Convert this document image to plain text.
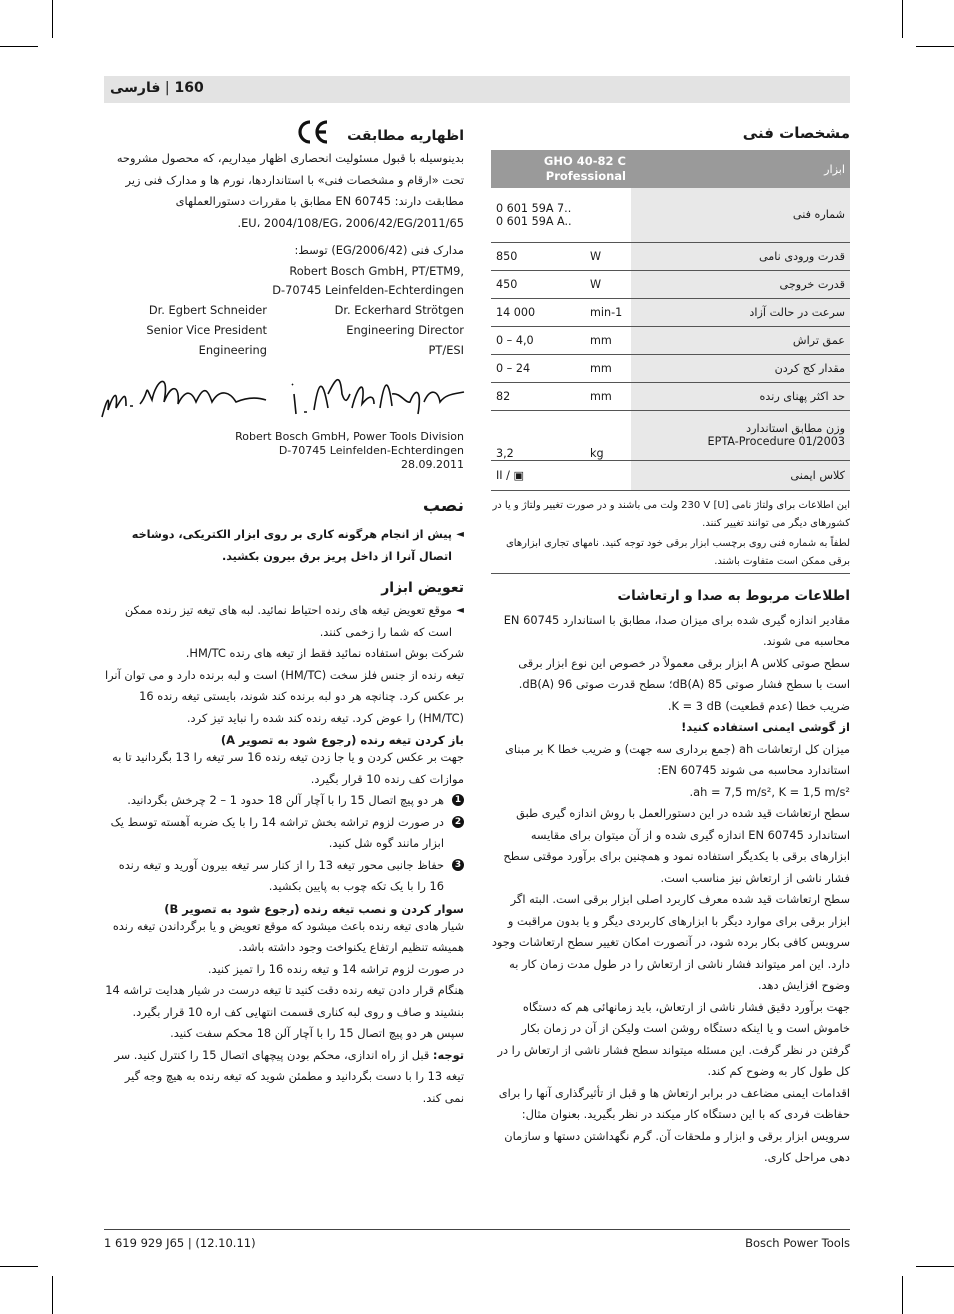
160 | فارسی

مشخصات فنی

GHO 40-82 C Professional		ابزار
0 601 59A 7..
0 601 59A A..		شماره فنی
850	W	قدرت ورودی نامی
450	W	قدرت خروجی
14 000	min-1	سرعت در حالت آزاد
0 – 4,0	mm	عمق تراش
0 – 24	mm	مقدار کج کردن
82	mm	حد اکثر پهنای رنده
3,2	kg	وزن مطابق استاندارد
EPTA-Procedure 01/2003
II / ▣		کلاس ایمنی

این اطلاعات برای ولتاژ نامی [U] 230 V ولت می باشند و در صورت تغییر ولتاژ و یا در کشورهای دیگر می توانند تغییر کنند.

لطفاً به شماره فنی روی برچسب ابزار برقی خود توجه کنید. نامهای تجاری ابزارهای برقی ممکن است متفاوت باشند.

اطلاعات مربوط به صدا و ارتعاشات

مقادیر اندازه گیری شده برای میزان صدا، مطابق با استاندارد EN 60745 محاسبه می شوند.

سطح صوتی کلاس A ابزار برقی معمولاً در خصوص این نوع ابزار برقی است با سطح فشار صوتی 85 dB(A)؛ سطح قدرت صوتی 96 dB(A). ضریب خطا (عدم قطعیت) K = 3 dB.

از گوشی ایمنی استفاده کنید!

میزان کل ارتعاشات ah (جمع برداری سه جهت) و ضریب خطا K بر مبنای استاندارد محاسبه می شوند EN 60745:

ah = 7,5 m/s², K = 1,5 m/s².

سطح ارتعاشات قید شده در این دستورالعمل با روش اندازه گیری طبق استاندارد EN 60745 اندازه گیری شده و از آن میتوان برای مقایسه ابزارهای برقی با یکدیگر استفاده نمود و همچنین برای برآورد موقتی سطح فشار ناشی از ارتعاش نیز مناسب است.

سطح ارتعاشات قید شده معرف کاربرد اصلی ابزار برقی است. البته اگر ابزار برقی برای موارد دیگر با ابزارهای کاربردی دیگر و یا بدون مراقبت و سرویس کافی بکار برده شود، در آنصورت امکان تغییر سطح ارتعاشات وجود دارد. این امر میتواند فشار ناشی از ارتعاش را در طول مدت زمان کار به وضوح افزایش دهد.

جهت برآورد دقیق فشار ناشی از ارتعاش، باید زمانهائی هم که دستگاه خاموش است و یا اینکه دستگاه روشن است ولیکن از آن در زمان بکار گرفتن در نظر گرفت. این مسئله میتواند سطح فشار ناشی از ارتعاش را در کل طول کار به وضوح کم کند.

اقدامات ایمنی مضاعف در برابر ارتعاش ها و قبل از تأثیرگذاری آنها را برای حفاظت فردی که با این دستگاه کار میکند در نظر بگیرید. بعنوان مثال: سرویس ابزار برقی و ابزار و ملحقات آن. گرم نگهداشتن دستها و سازمان دهی مراحل کاری.

اظهاریه مطابقت

بدینوسیله با قبول مسئولیت انحصاری اظهار میداریم، که محصول مشروحه تحت «ارقام و مشخصات فنی» با استانداردها، نورم ها و مدارک فنی زیر مطابقت دارند: EN 60745 مطابق با مقررات دستورالعملهای 2011/65/EU، 2004/108/EG، 2006/42/EG.

مدارک فنی (2006/42/EG) توسط:

Robert Bosch GmbH, PT/ETM9,

D-70745 Leinfelden-Echterdingen

Dr. Eckerhard Strötgen

Engineering Director

PT/ESI

Dr. Egbert Schneider

Senior Vice President

Engineering

Robert Bosch GmbH, Power Tools Division

D-70745 Leinfelden-Echterdingen

28.09.2011

نصب

◄
پیش از انجام هرگونه کاری بر روی ابزار الکتریکی، دوشاخه اتصال آنرا از داخل پریز برق بیرون بکشید.

تعویض ابزار

◄
موقع تعویض تیغه های رنده احتیاط نمائید. لبه های تیغه تیز رنده ممکن است که شما را زخمی کنند.

شرکت بوش استفاده نمائید فقط از تیغه های رنده HM/TC.

تیغه رنده از جنس فلز سخت (HM/TC) است و لبه برنده دارد و می توان آنرا بر عکس کرد. چنانچه هر دو لبه برنده کند شوند، بایستی تیغه رنده 16 (HM/TC) را عوض کرد. تیغه رنده کند شده را نباید تیز کرد.

باز کردن تیغه رنده (رجوع شود به تصویر A)

جهت بر عکس کردن و یا جا زدن تیغه رنده 16 سر تیغه را 13 بگردانید تا به موازات کف رنده 10 قرار بگیرد.

1
هر دو پیچ اتصال 15 را با آچار آلن 18 حدود 1 – 2 چرخش بگردانید.

2
در صورت لزوم تراشه بخش تراشه 14 را با یک ضربه آهسته توسط یک ابزار مانند گوه شل کنید.

3
حفاظ جانبی محور تیغه 13 را از کنار سر تیغه بیرون آورید و تیغه رنده 16 را با یک تکه چوب به پایین بکشید.

سوار کردن و نصب تیغه رنده (رجوع شود به تصویر B)

شیار هادی تیغه رنده باعث میشود که موقع تعویض و یا برگرداندن تیغه رنده همیشه تنظیم ارتفاع یکنواخت وجود داشته باشد.

در صورت لزوم تراشه 14 و تیغه رنده 16 را تمیز کنید.

هنگام قرار دادن تیغه رنده دقت کنید تا تیغه درست در شیار هدایت تراشه 14 بنشیند و صاف و روی لبه کناری قسمت انتهایی کف اره 10 قرار بگیرد. سپس هر دو پیچ اتصال 15 را با آچار آلن 18 محکم سفت کنید.

توجه: قبل از راه اندازی، محکم بودن پیچهای اتصال 15 را کنترل کنید. سر تیغه 13 را با دست بگردانید و مطمئن شوید که تیغه رنده به هیچ وجه گیر نمی کند.

1 619 929 J65 | (12.10.11)	Bosch Power Tools
